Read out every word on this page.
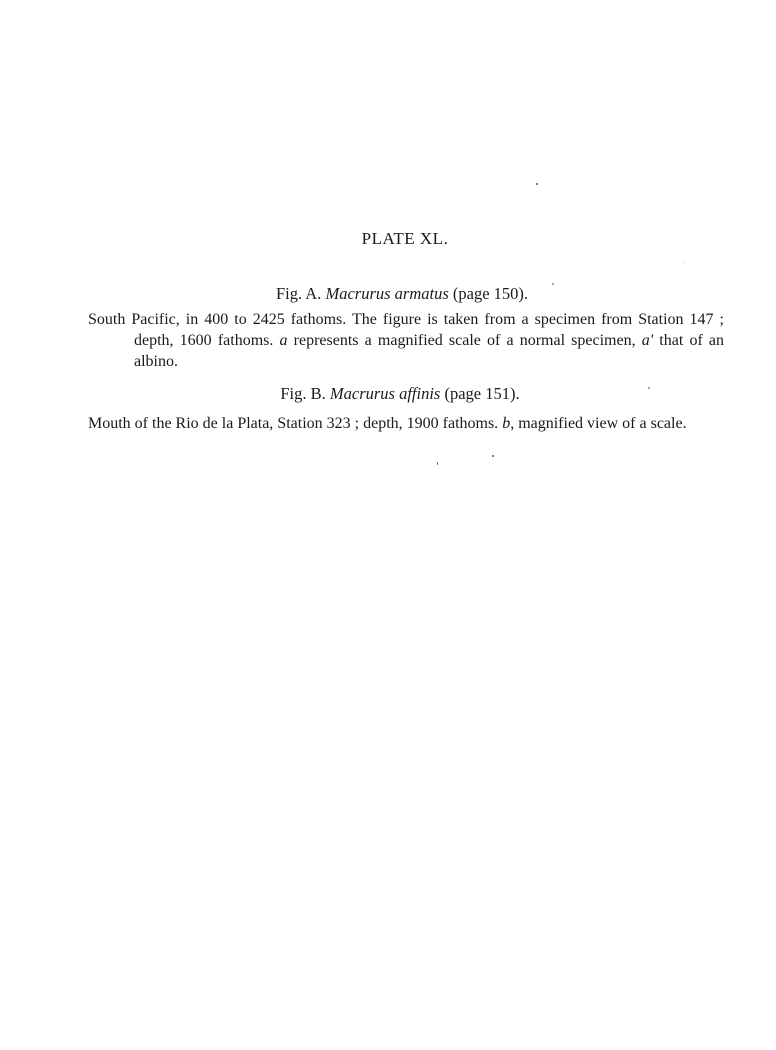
PLATE XL.
Fig. A. Macrurus armatus (page 150).
South Pacific, in 400 to 2425 fathoms. The figure is taken from a specimen from Station 147 ; depth, 1600 fathoms. a represents a magnified scale of a normal specimen, a' that of an albino.
Fig. B. Macrurus affinis (page 151).
Mouth of the Rio de la Plata, Station 323 ; depth, 1900 fathoms. b, magnified view of a scale.
